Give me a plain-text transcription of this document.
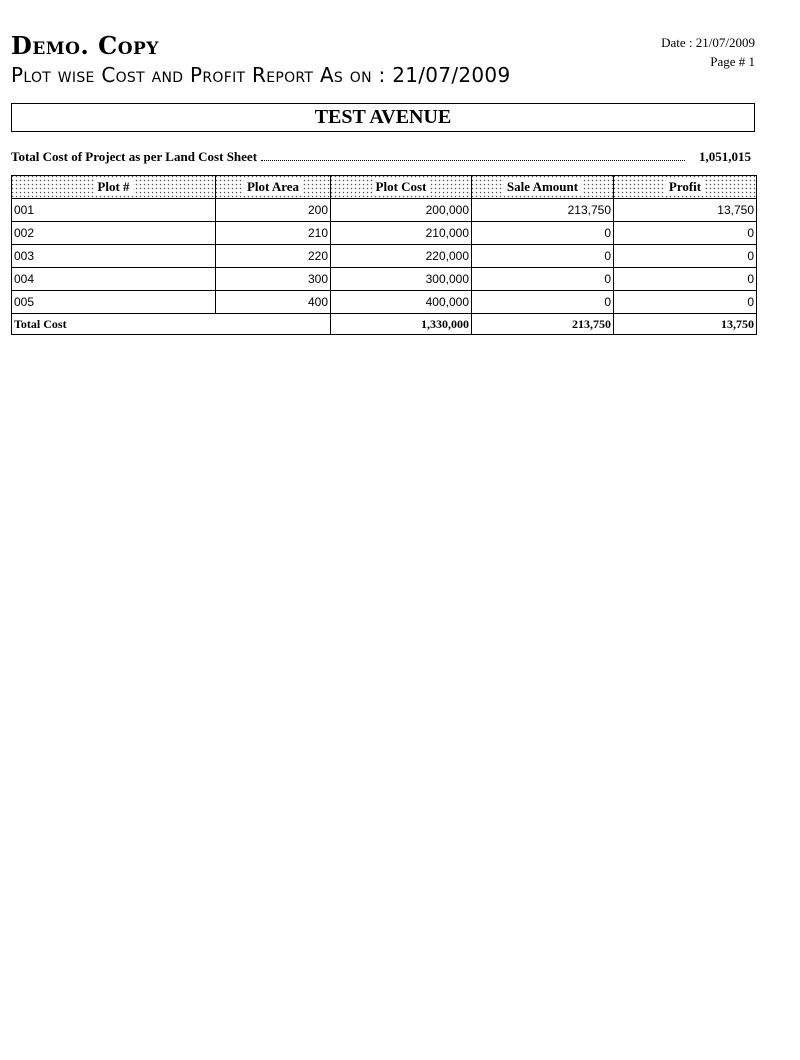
Demo. Copy
Plot wise Cost and Profit Report As on : 21/07/2009
Date : 21/07/2009
Page # 1
TEST AVENUE
Total Cost of Project as per Land Cost Sheet	1,051,015
Plot #	Plot Area	Plot Cost	Sale Amount	Profit
001	200	200,000	213,750	13,750
002	210	210,000	0	0
003	220	220,000	0	0
004	300	300,000	0	0
005	400	400,000	0	0
Total Cost		1,330,000	213,750	13,750
